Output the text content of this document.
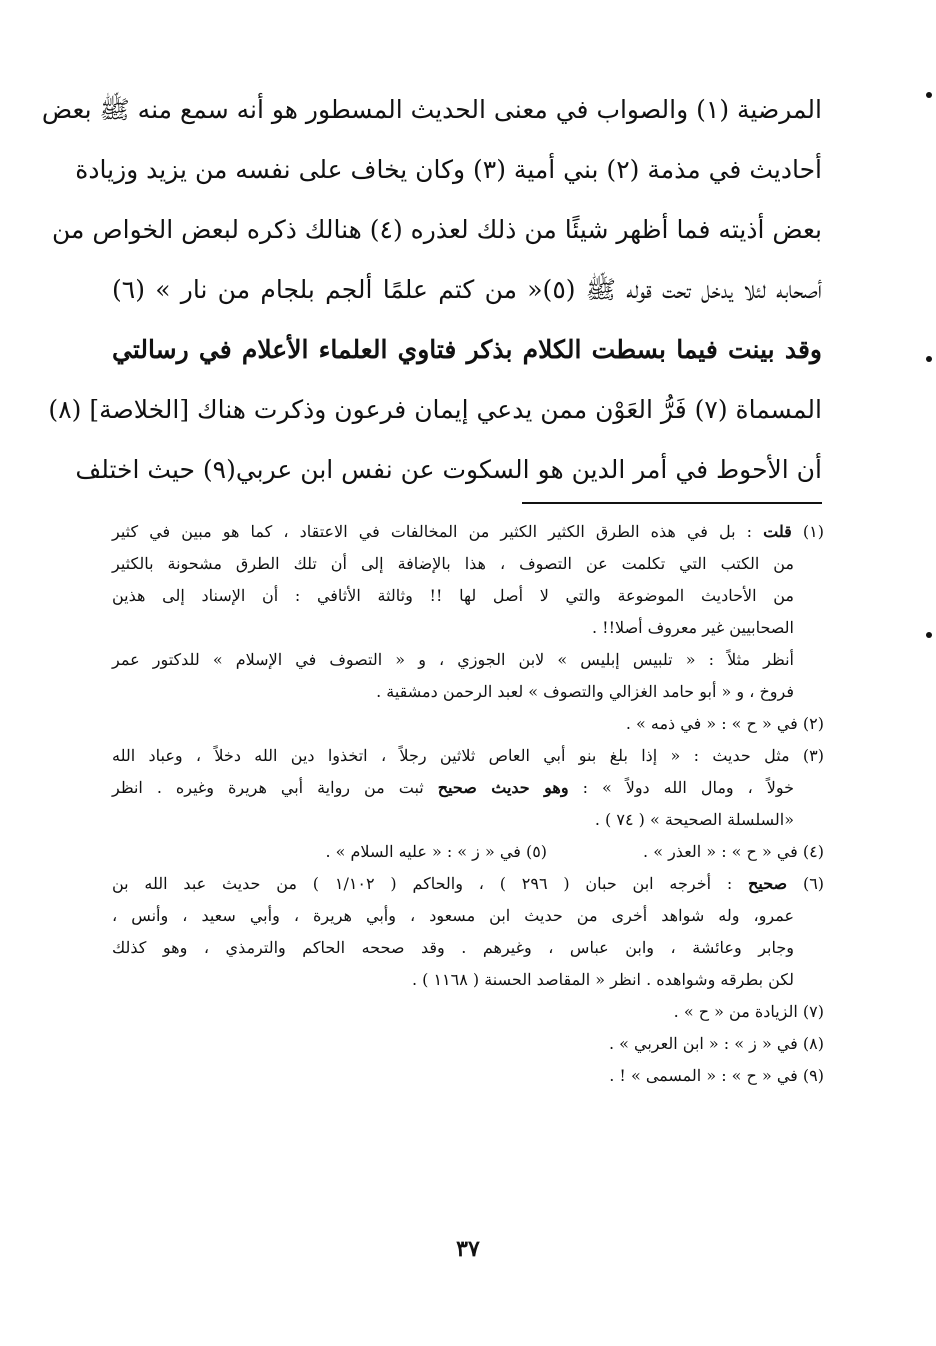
المرضية (١) والصواب في معنى الحديث المسطور هو أنه سمع منه ﷺ بعض
أحاديث في مذمة (٢) بني أمية (٣) وكان يخاف على نفسه من يزيد وزيادة
بعض أذيته فما أظهر شيئًا من ذلك لعذره (٤) هنالك ذكره لبعض الخواص من
أصحابه لئلا يدخل تحت قوله ﷺ (٥)« من كتم علمًا ألجم بلجام من نار » (٦)
وقد بينت فيما بسطت الكلام بذكر فتاوي العلماء الأعلام في رسالتي
المسماة (٧) فَرُّ العَوْن ممن يدعي إيمان فرعون وذكرت هناك [الخلاصة] (٨)
أن الأحوط في أمر الدين هو السكوت عن نفس ابن عربي(٩) حيث اختلف
(١) قلت : بل في هذه الطرق الكثير الكثير من المخالفات في الاعتقاد ، كما هو مبين في كثير
من الكتب التي تكلمت عن التصوف ، هذا بالإضافة إلى أن تلك الطرق مشحونة بالكثير
من الأحاديث الموضوعة والتي لا أصل لها !! وثالثة الأثافي : أن الإسناد إلى هذين
الصحابيين غير معروف أصلا!! .
أنظر مثلاً : « تلبيس إبليس » لابن الجوزي ، و « التصوف في الإسلام » للدكتور عمر
فروخ ، و « أبو حامد الغزالي والتصوف » لعبد الرحمن دمشقية .
(٢) في « ح » : « في ذمه » .
(٣) مثل حديث : « إذا بلغ بنو أبي العاص ثلاثين رجلاً ، اتخذوا دين الله دخلاً ، وعباد الله
خولاً ، ومال الله دولاً » : وهو حديث صحيح ثبت من رواية أبي هريرة وغيره . انظر
«السلسلة الصحيحة » ( ٧٤ ) .
(٤) في « ح » : « العذر » .
(٥) في « ز » : « عليه السلام » .
(٦) صحيح : أخرجه ابن حبان ( ٢٩٦ ) ، والحاكم ( ١/١٠٢ ) من حديث عبد الله بن
عمرو، وله شواهد أخرى من حديث ابن مسعود ، وأبي هريرة ، وأبي سعيد ، وأنس ،
وجابر وعائشة ، وابن عباس ، وغيرهم . وقد صححه الحاكم والترمذي ، وهو كذلك
لكن بطرقه وشواهده . انظر « المقاصد الحسنة ( ١١٦٨ ) .
(٧) الزيادة من « ح » .
(٨) في « ز » : « ابن العربي » .
(٩) في « ح » : « المسمى » ! .
٣٧
